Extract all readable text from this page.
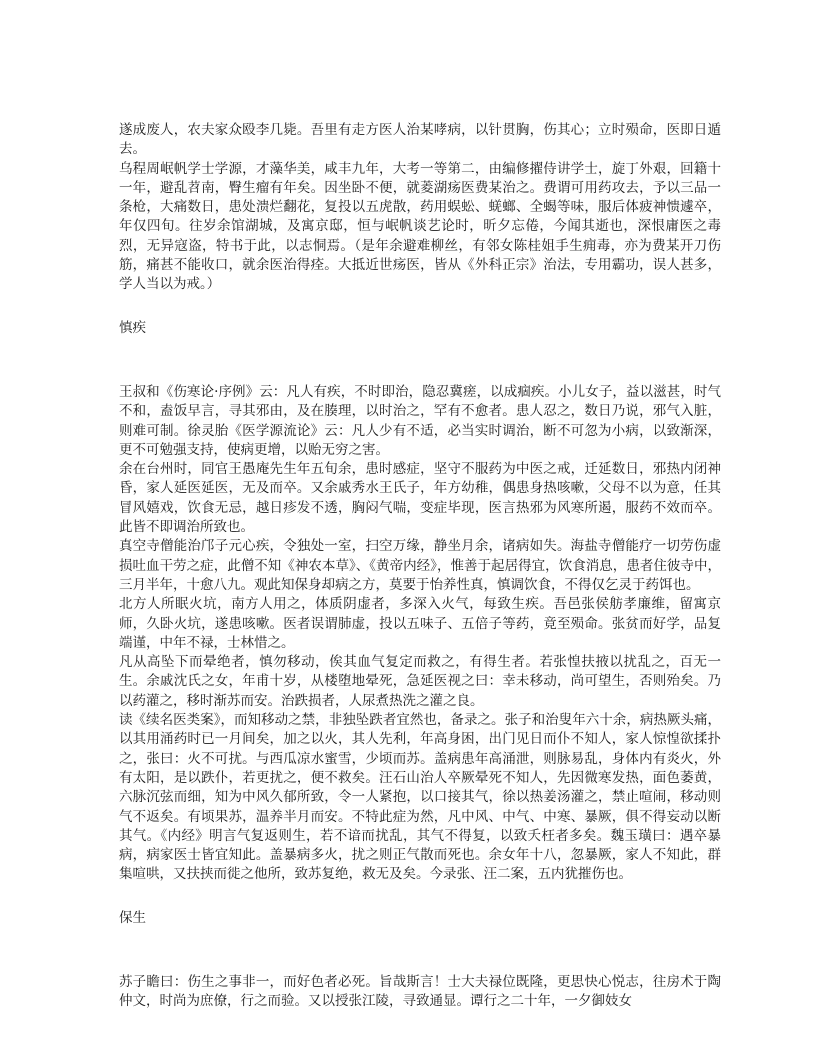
遂成废人，农夫家众殴李几毙。吾里有走方医人治某哮病，以针贯胸，伤其心；立时殒命，医即日遁去。

乌程周岷帆学士学源，才藻华美，咸丰九年，大考一等第二，由编修擢侍讲学士，旋丁外艰，回籍十一年，避乱苕南，臀生瘤有年矣。因坐卧不便，就菱湖疡医费某治之。费谓可用药攻去，予以三品一条枪，大痛数日，患处溃烂翻花，复投以五虎散，药用蜈蚣、蜣螂、全蝎等味，服后体疲神愦遽卒，年仅四旬。往岁余馆湖城，及寓京邸，恒与岷帆谈艺论时，昕夕忘倦，今闻其逝也，深恨庸医之毒烈，无异寇盗，特书于此，以志恫焉。（是年余避难柳丝，有邻女陈桂姐手生痈毒，亦为费某开刀伤筋，痛甚不能收口，就余医治得痊。大抵近世疡医，皆从《外科正宗》治法，专用霸功，误人甚多，学人当以为戒。）

慎疾

王叔和《伤寒论·序例》云：凡人有疾，不时即治，隐忍冀瘥，以成痼疾。小儿女子，益以滋甚，时气不和，盍饭早言，寻其邪由，及在腠理，以时治之，罕有不愈者。患人忍之，数日乃说，邪气入脏，则难可制。徐灵胎《医学源流论》云：凡人少有不适，必当实时调治，断不可忽为小病，以致渐深，更不可勉强支持，使病更增，以贻无穷之害。

余在台州时，同官王愚庵先生年五旬余，患时感症，坚守不服药为中医之戒，迁延数日，邪热内闭神昏，家人延医延医，无及而卒。又余戚秀水王氏子，年方幼稚，偶患身热咳嗽，父母不以为意，任其冒风嬉戏，饮食无忌，越日疹发不透，胸闷气喘，变症毕现，医言热邪为风寒所遏，服药不效而卒。此皆不即调治所致也。

真空寺僧能治邝子元心疾，令独处一室，扫空万缘，静坐月余，诸病如失。海盐寺僧能疗一切劳伤虚损吐血干劳之症，此僧不知《神农本草》、《黄帝内经》，惟善于起居得宜，饮食消息，患者住彼寺中，三月半年，十愈八九。观此知保身却病之方，莫要于怡养性真，慎调饮食，不得仅乞灵于药饵也。

北方人所眠火坑，南方人用之，体质阴虚者，多深入火气，每致生疾。吾邑张侯舫孝廉维，留寓京师，久卧火坑，遂患咳嗽。医者误谓肺虚，投以五味子、五倍子等药，竟至殒命。张贫而好学，品复端谨，中年不禄，士林惜之。

凡从高坠下而晕绝者，慎勿移动，俟其血气复定而救之，有得生者。若张惶扶掖以扰乱之，百无一生。余戚沈氏之女，年甫十岁，从楼堕地晕死，急延医视之曰：幸未移动，尚可望生，否则殆矣。乃以药灌之，移时渐苏而安。治跌损者，人尿煮热洗之灌之良。

读《续名医类案》，而知移动之禁，非独坠跌者宜然也，备录之。张子和治叟年六十余，病热厥头痛，以其用涌药时已一月间矣，加之以火，其人先利，年高身困，出门见日而仆不知人，家人惊惶欲揉扑之，张曰：火不可扰。与西瓜凉水蜜雪，少顷而苏。盖病患年高涌泄，则脉易乱，身体内有炎火，外有太阳，是以跌仆，若更扰之，便不救矣。汪石山治人卒厥晕死不知人，先因微寒发热，面色萎黄，六脉沉弦而细，知为中风久郁所致，令一人紧抱，以口接其气，徐以热姜汤灌之，禁止喧闹，移动则气不返矣。有顷果苏，温养半月而安。不特此症为然，凡中风、中气、中寒、暴厥，俱不得妄动以断其气。《内经》明言气复返则生，若不谙而扰乱，其气不得复，以致夭枉者多矣。魏玉璜曰：遇卒暴病，病家医士皆宜知此。盖暴病多火，扰之则正气散而死也。余女年十八，忽暴厥，家人不知此，群集喧哄，又扶挟而徙之他所，致苏复绝，救无及矣。今录张、汪二案，五内犹摧伤也。

保生

苏子瞻曰：伤生之事非一，而好色者必死。旨哉斯言！士大夫禄位既隆，更思快心悦志，往房术于陶仲文，时尚为庶僚，行之而验。又以授张江陵，寻致通显。谭行之二十年，一夕御妓女
